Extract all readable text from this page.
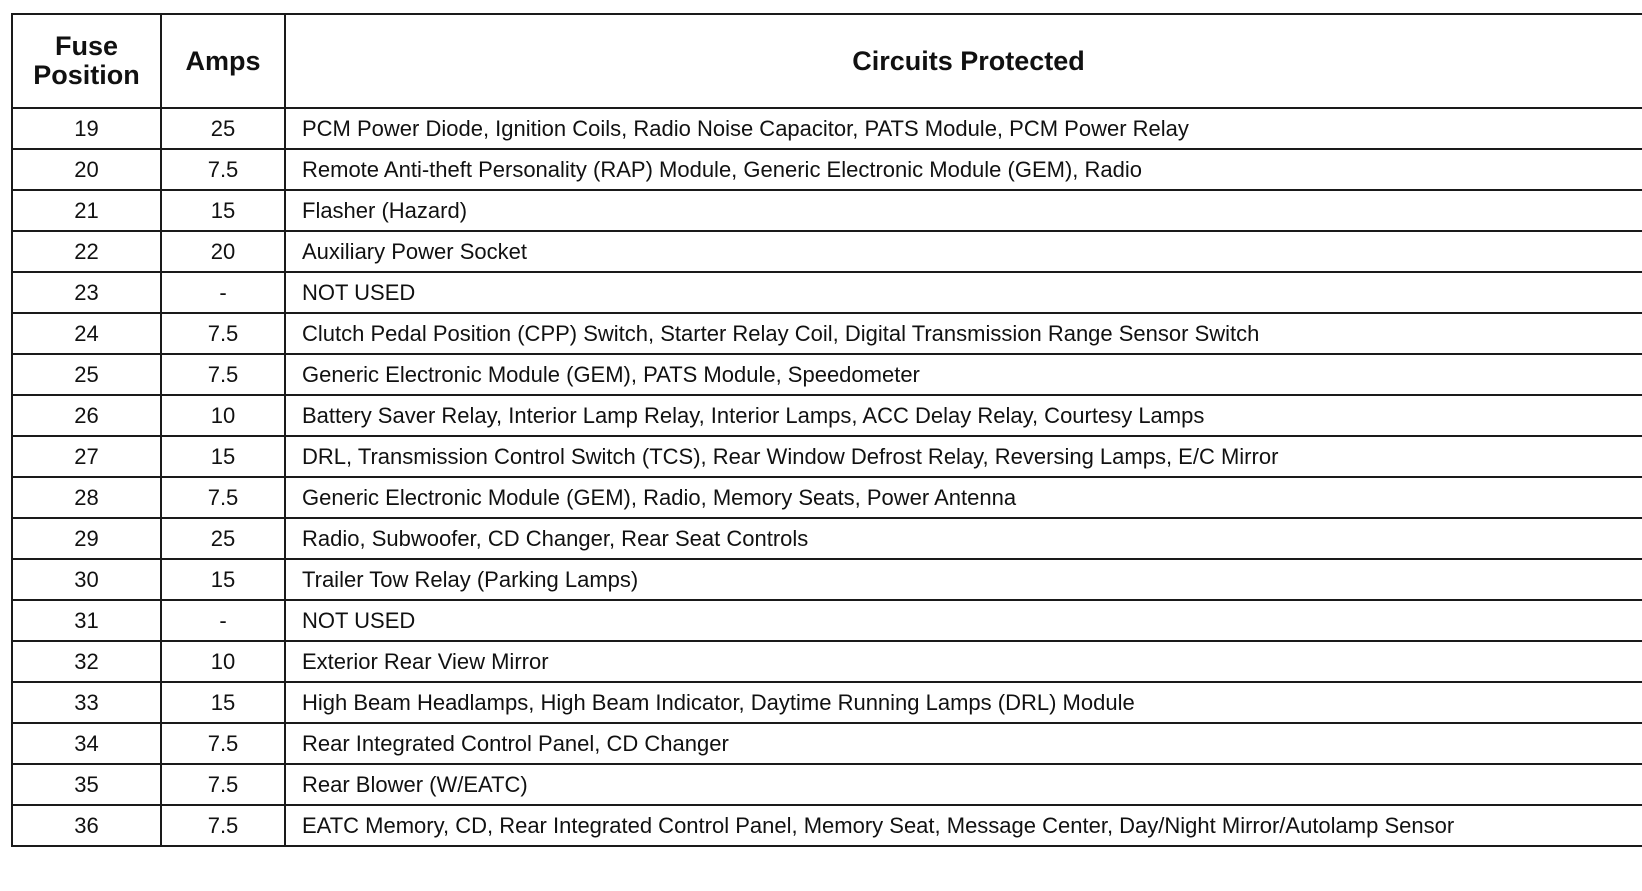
Fuse
Position	Amps	Circuits Protected
19	25	PCM Power Diode, Ignition Coils, Radio Noise Capacitor, PATS Module, PCM Power Relay
20	7.5	Remote Anti-theft Personality (RAP) Module, Generic Electronic Module (GEM), Radio
21	15	Flasher (Hazard)
22	20	Auxiliary Power Socket
23	-	NOT USED
24	7.5	Clutch Pedal Position (CPP) Switch, Starter Relay Coil, Digital Transmission Range Sensor Switch
25	7.5	Generic Electronic Module (GEM), PATS Module, Speedometer
26	10	Battery Saver Relay, Interior Lamp Relay, Interior Lamps, ACC Delay Relay, Courtesy Lamps
27	15	DRL, Transmission Control Switch (TCS), Rear Window Defrost Relay, Reversing Lamps, E/C Mirror
28	7.5	Generic Electronic Module (GEM), Radio, Memory Seats, Power Antenna
29	25	Radio, Subwoofer, CD Changer, Rear Seat Controls
30	15	Trailer Tow Relay (Parking Lamps)
31	-	NOT USED
32	10	Exterior Rear View Mirror
33	15	High Beam Headlamps, High Beam Indicator, Daytime Running Lamps (DRL) Module
34	7.5	Rear Integrated Control Panel, CD Changer
35	7.5	Rear Blower (W/EATC)
36	7.5	EATC Memory, CD, Rear Integrated Control Panel, Memory Seat, Message Center, Day/Night Mirror/Autolamp Sensor
